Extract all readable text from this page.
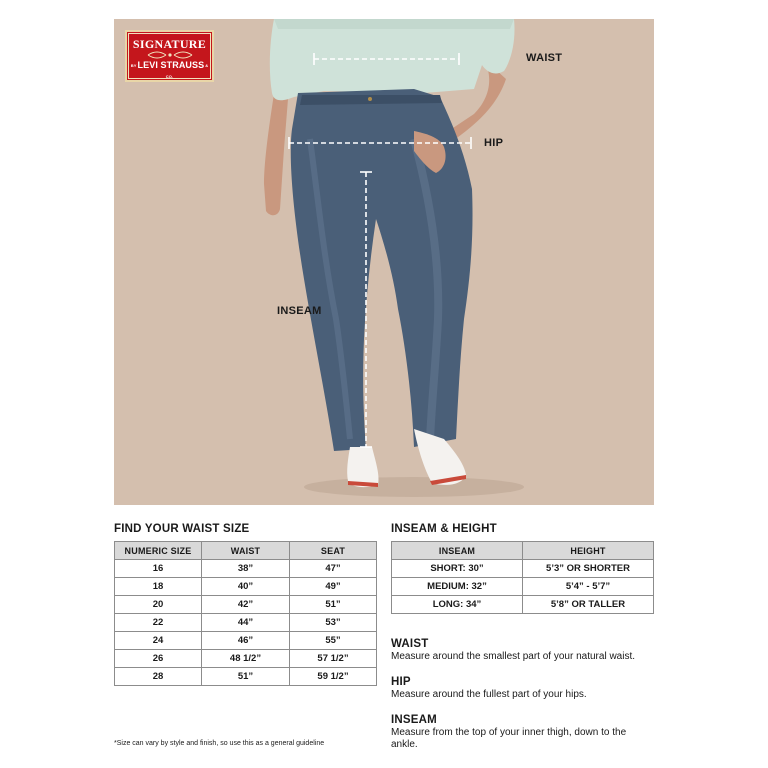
SIGNATURE
BYLEVI STRAUSS& CO.
WAIST
HIP
INSEAM
FIND YOUR WAIST SIZE
NUMERIC SIZE	WAIST	SEAT
16	38”	47”
18	40”	49”
20	42”	51”
22	44”	53”
24	46”	55”
26	48 1/2”	57 1/2”
28	51”	59 1/2”
INSEAM & HEIGHT
INSEAM	HEIGHT
SHORT: 30”	5’3” OR SHORTER
MEDIUM: 32”	5’4” - 5’7”
LONG: 34”	5’8” OR TALLER
WAIST
Measure around the smallest part of your natural waist.
HIP
Measure around the fullest part of your hips.
INSEAM
Measure from the top of your inner thigh, down to the ankle.
*Size can vary by style and finish, so use this as a general guideline
